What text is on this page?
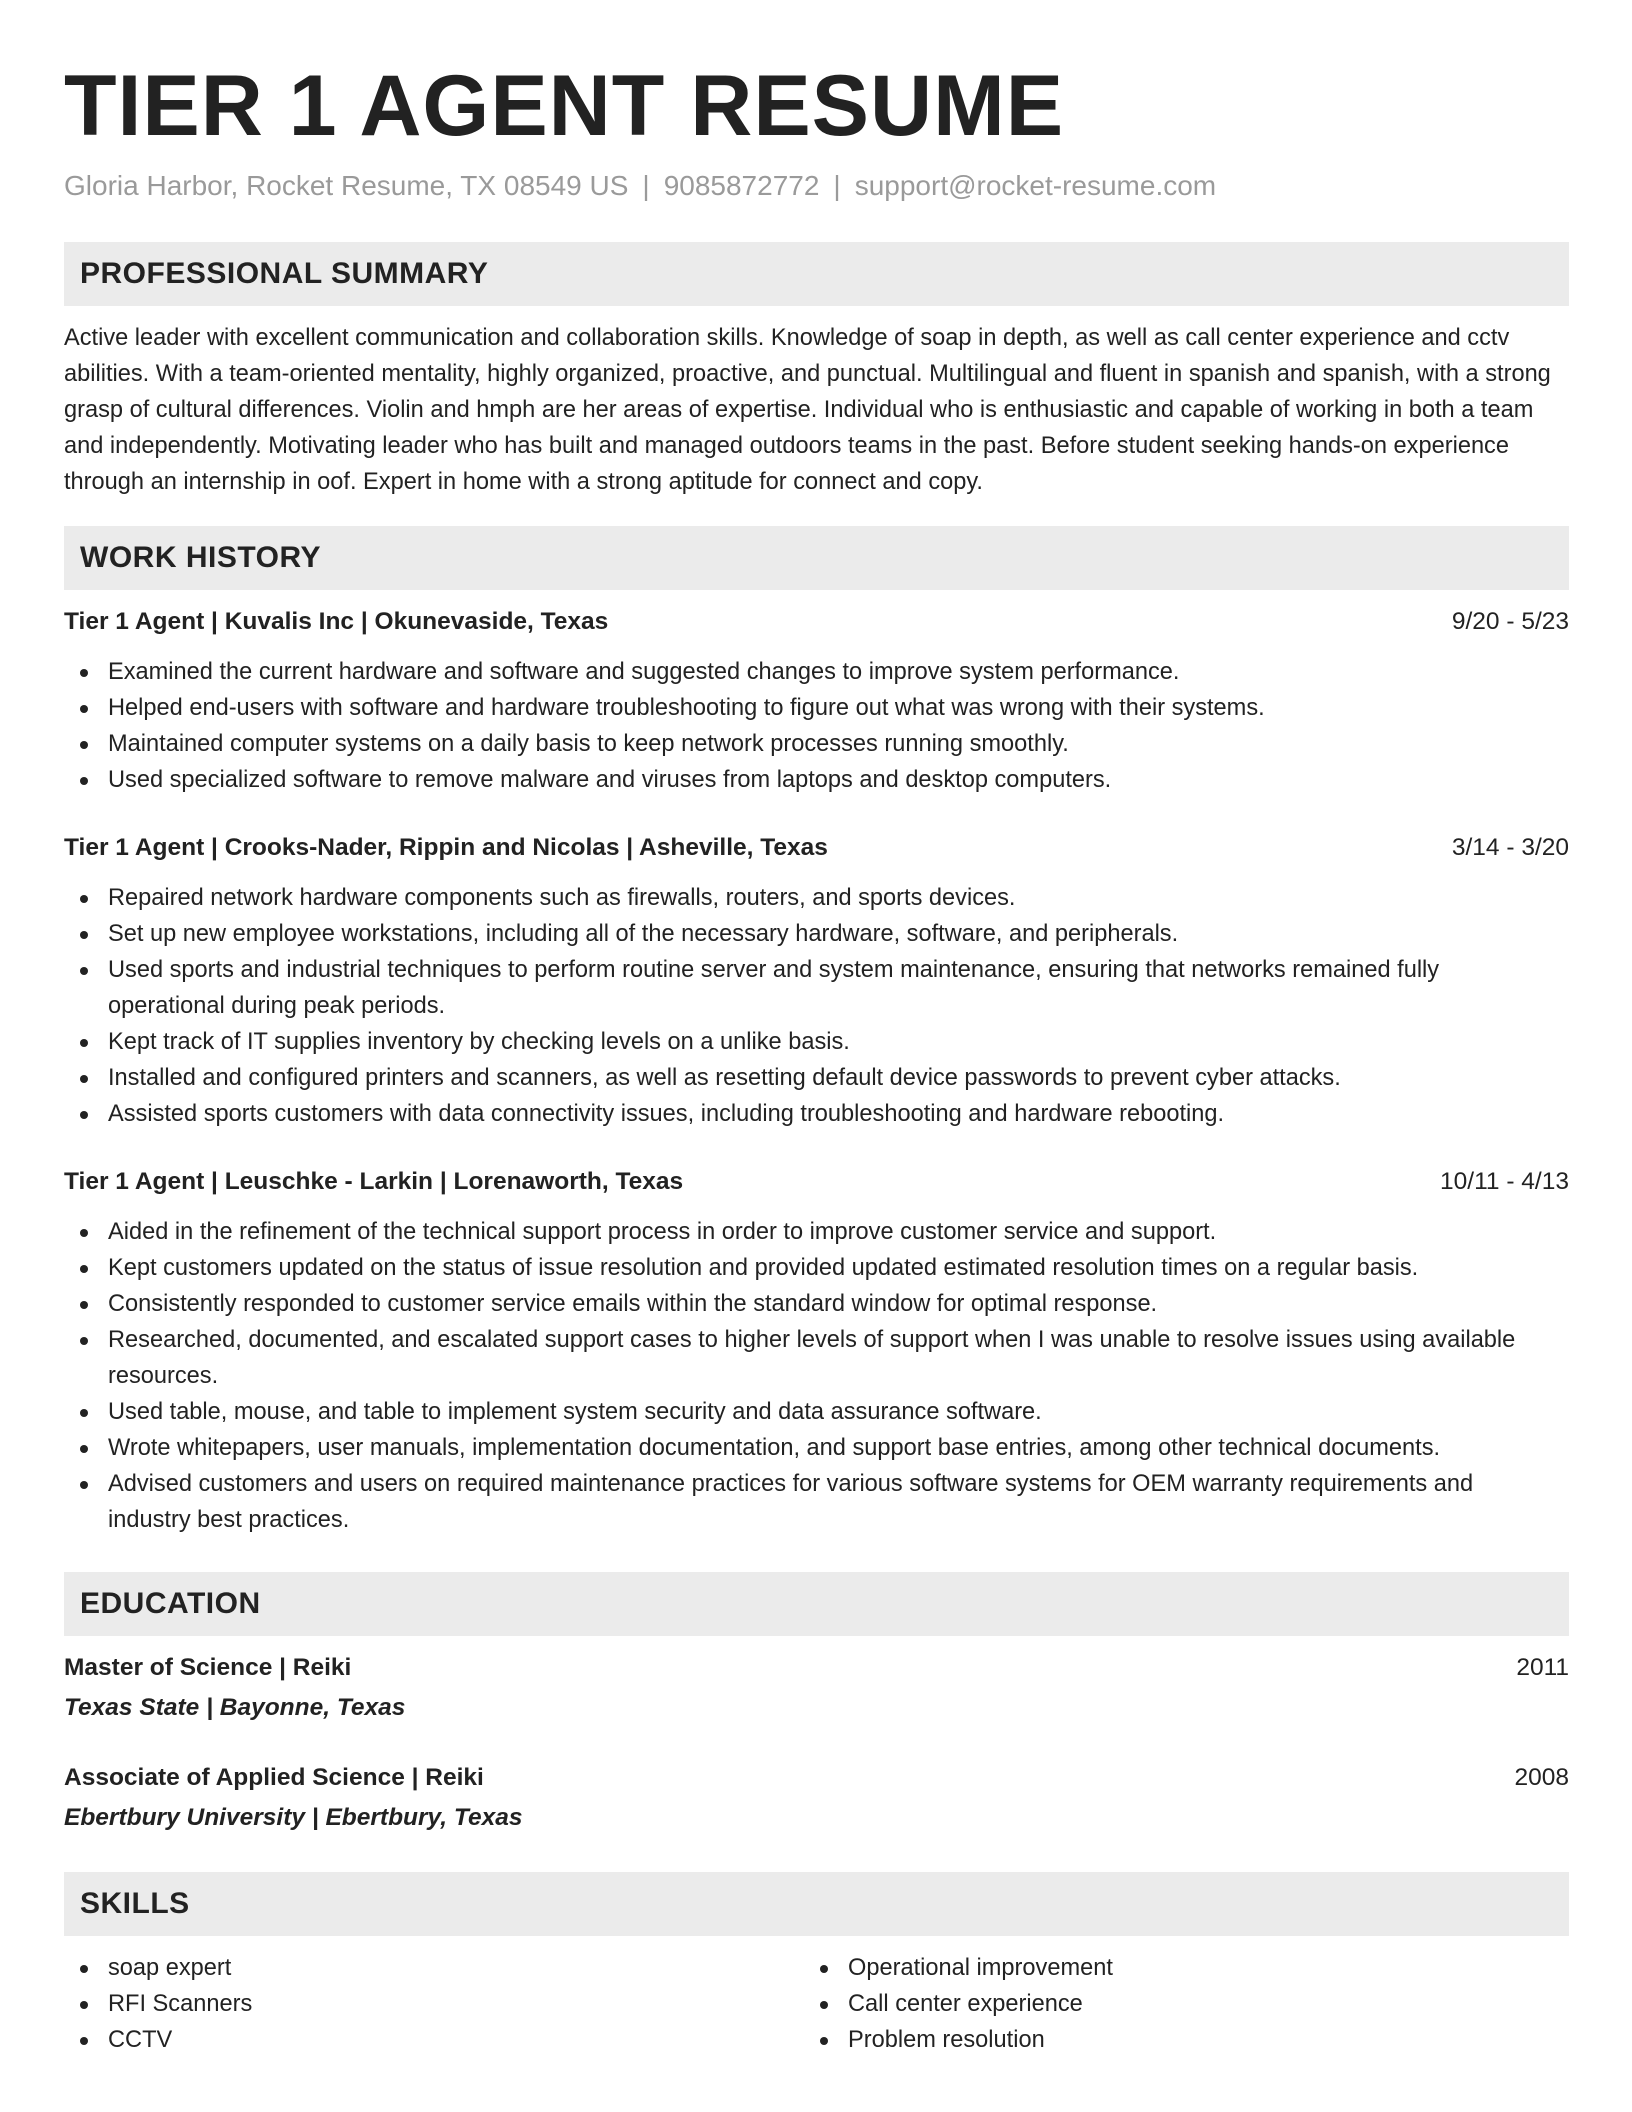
TIER 1 AGENT RESUME
Gloria Harbor, Rocket Resume, TX 08549 US | 9085872772 | support@rocket-resume.com
PROFESSIONAL SUMMARY
Active leader with excellent communication and collaboration skills. Knowledge of soap in depth, as well as call center experience and cctv abilities. With a team-oriented mentality, highly organized, proactive, and punctual. Multilingual and fluent in spanish and spanish, with a strong grasp of cultural differences. Violin and hmph are her areas of expertise. Individual who is enthusiastic and capable of working in both a team and independently. Motivating leader who has built and managed outdoors teams in the past. Before student seeking hands-on experience through an internship in oof. Expert in home with a strong aptitude for connect and copy.
WORK HISTORY
Tier 1 Agent | Kuvalis Inc | Okunevaside, Texas	9/20 - 5/23
Examined the current hardware and software and suggested changes to improve system performance.
Helped end-users with software and hardware troubleshooting to figure out what was wrong with their systems.
Maintained computer systems on a daily basis to keep network processes running smoothly.
Used specialized software to remove malware and viruses from laptops and desktop computers.
Tier 1 Agent | Crooks-Nader, Rippin and Nicolas | Asheville, Texas	3/14 - 3/20
Repaired network hardware components such as firewalls, routers, and sports devices.
Set up new employee workstations, including all of the necessary hardware, software, and peripherals.
Used sports and industrial techniques to perform routine server and system maintenance, ensuring that networks remained fully operational during peak periods.
Kept track of IT supplies inventory by checking levels on a unlike basis.
Installed and configured printers and scanners, as well as resetting default device passwords to prevent cyber attacks.
Assisted sports customers with data connectivity issues, including troubleshooting and hardware rebooting.
Tier 1 Agent | Leuschke - Larkin | Lorenaworth, Texas	10/11 - 4/13
Aided in the refinement of the technical support process in order to improve customer service and support.
Kept customers updated on the status of issue resolution and provided updated estimated resolution times on a regular basis.
Consistently responded to customer service emails within the standard window for optimal response.
Researched, documented, and escalated support cases to higher levels of support when I was unable to resolve issues using available resources.
Used table, mouse, and table to implement system security and data assurance software.
Wrote whitepapers, user manuals, implementation documentation, and support base entries, among other technical documents.
Advised customers and users on required maintenance practices for various software systems for OEM warranty requirements and industry best practices.
EDUCATION
Master of Science | Reiki	2011
Texas State | Bayonne, Texas
Associate of Applied Science | Reiki	2008
Ebertbury University | Ebertbury, Texas
SKILLS
soap expert
RFI Scanners
CCTV
Operational improvement
Call center experience
Problem resolution
